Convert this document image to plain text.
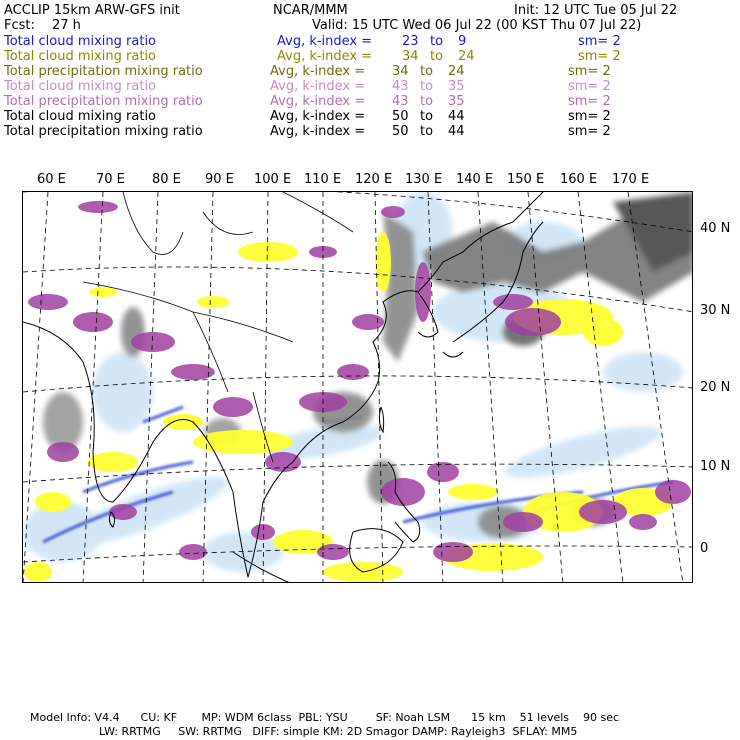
ACCLIP 15km ARW-GFS init	NCAR/MMM	Init: 12 UTC Tue 05 Jul 22
Fcst: 27 h	Valid: 15 UTC Wed 06 Jul 22 (00 KST Thu 07 Jul 22)
Total cloud mixing ratio	Avg, k-index = 23 to 9	sm= 2
Total cloud mixing ratio	Avg, k-index = 34 to 24	sm= 2
Total precipitation mixing ratio	Avg, k-index = 34 to 24	sm= 2
Total cloud mixing ratio	Avg, k-index = 43 to 35	sm= 2
Total precipitation mixing ratio	Avg, k-index = 43 to 35	sm= 2
Total cloud mixing ratio	Avg, k-index = 50 to 44	sm= 2
Total precipitation mixing ratio	Avg, k-index = 50 to 44	sm= 2
60 E 70 E 80 E 90 E 100 E 110 E 120 E 130 E 140 E 150 E 160 E 170 E
40 N
30 N
20 N
10 N
0
Model Info: V4.4      CU: KF       MP: WDM 6class  PBL: YSU        SF: Noah LSM      15 km    51 levels    90 sec
LW: RRTMG     SW: RRTMG   DIFF: simple KM: 2D Smagor DAMP: Rayleigh3  SFLAY: MM5
